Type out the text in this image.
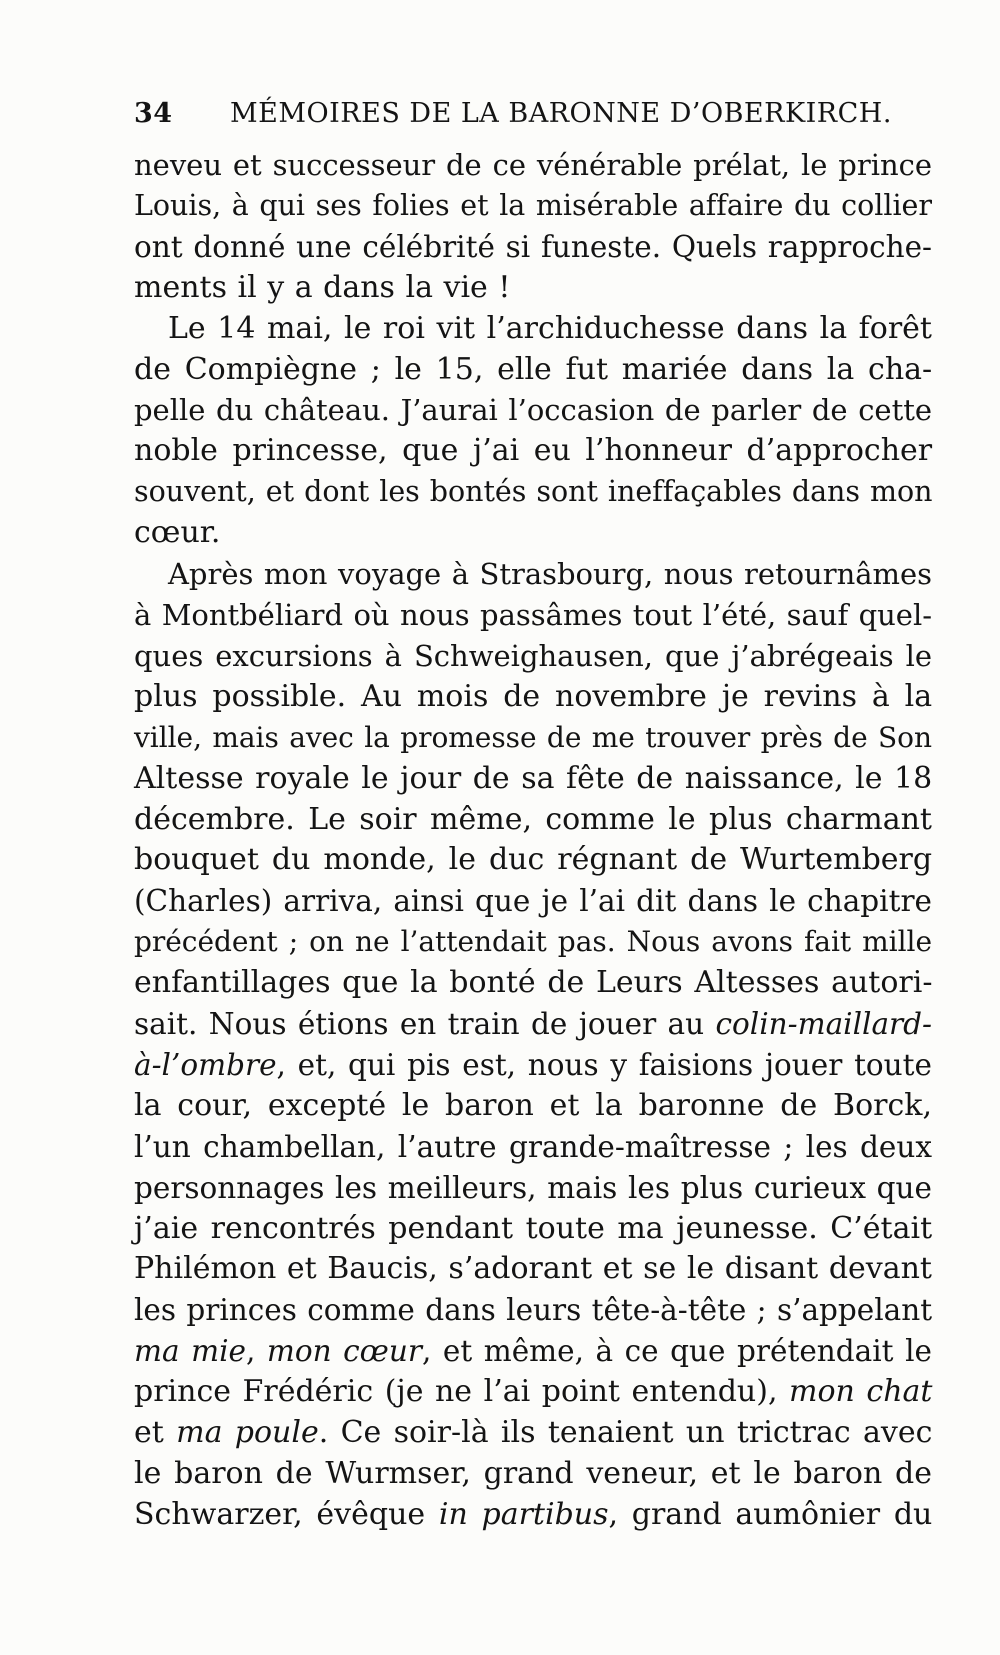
34 MÉMOIRES DE LA BARONNE D’OBERKIRCH.
neveu et successeur de ce vénérable prélat, le prince
Louis, à qui ses folies et la misérable affaire du collier
ont donné une célébrité si funeste. Quels rapproche-
ments il y a dans la vie !
Le 14 mai, le roi vit l’archiduchesse dans la forêt
de Compiègne ; le 15, elle fut mariée dans la cha-
pelle du château. J’aurai l’occasion de parler de cette
noble princesse, que j’ai eu l’honneur d’approcher
souvent, et dont les bontés sont ineffaçables dans mon
cœur.
Après mon voyage à Strasbourg, nous retournâmes
à Montbéliard où nous passâmes tout l’été, sauf quel-
ques excursions à Schweighausen, que j’abrégeais le
plus possible. Au mois de novembre je revins à la
ville, mais avec la promesse de me trouver près de Son
Altesse royale le jour de sa fête de naissance, le 18
décembre. Le soir même, comme le plus charmant
bouquet du monde, le duc régnant de Wurtemberg
(Charles) arriva, ainsi que je l’ai dit dans le chapitre
précédent ; on ne l’attendait pas. Nous avons fait mille
enfantillages que la bonté de Leurs Altesses autori-
sait. Nous étions en train de jouer au colin-maillard-
à-l’ombre, et, qui pis est, nous y faisions jouer toute
la cour, excepté le baron et la baronne de Borck,
l’un chambellan, l’autre grande-maîtresse ; les deux
personnages les meilleurs, mais les plus curieux que
j’aie rencontrés pendant toute ma jeunesse. C’était
Philémon et Baucis, s’adorant et se le disant devant
les princes comme dans leurs tête-à-tête ; s’appelant
ma mie, mon cœur, et même, à ce que prétendait le
prince Frédéric (je ne l’ai point entendu), mon chat
et ma poule. Ce soir-là ils tenaient un trictrac avec
le baron de Wurmser, grand veneur, et le baron de
Schwarzer, évêque in partibus, grand aumônier du
